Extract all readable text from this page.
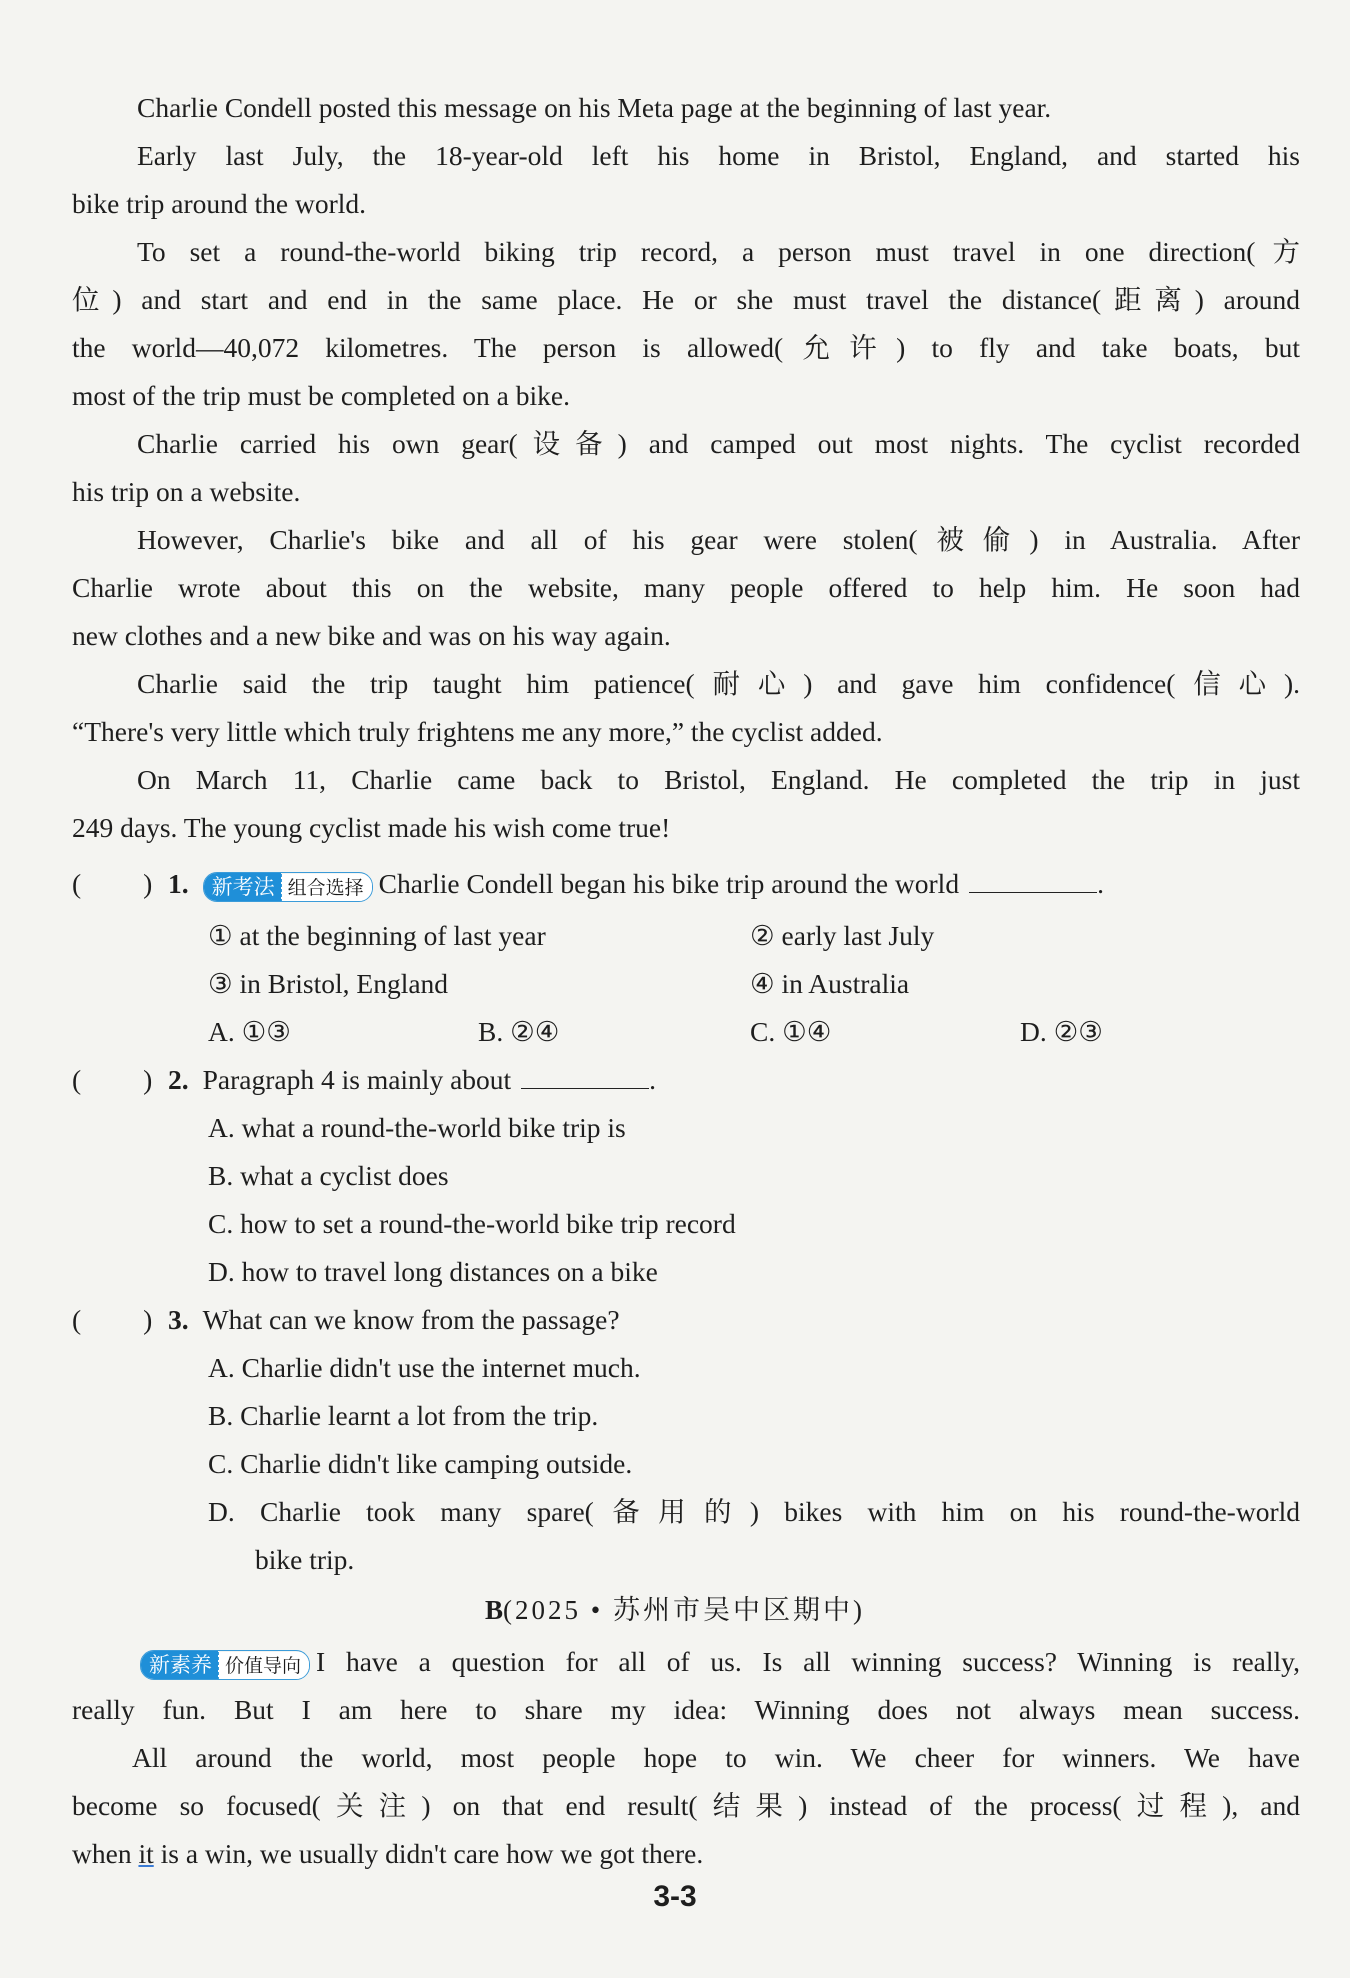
Charlie Condell posted this message on his Meta page at the beginning of last year.
Early last July, the 18-year-old left his home in Bristol, England, and started his
bike trip around the world.
To set a round-the-world biking trip record, a person must travel in one direction(方
位) and start and end in the same place. He or she must travel the distance(距离) around
the world—40,072 kilometres. The person is allowed(允许) to fly and take boats, but
most of the trip must be completed on a bike.
Charlie carried his own gear(设备) and camped out most nights. The cyclist recorded
his trip on a website.
However, Charlie's bike and all of his gear were stolen(被偷) in Australia. After
Charlie wrote about this on the website, many people offered to help him. He soon had
new clothes and a new bike and was on his way again.
Charlie said the trip taught him patience(耐心) and gave him confidence(信心).
“There's very little which truly frightens me any more,” the cyclist added.
On March 11, Charlie came back to Bristol, England. He completed the trip in just
249 days. The young cyclist made his wish come true!
( ) 1. 新考法 组合选择 Charlie Condell began his bike trip around the world	.
① at the beginning of last year	② early last July
③ in Bristol, England	④ in Australia
A. ①③	B. ②④	C. ①④	D. ②③
( ) 2. Paragraph 4 is mainly about	.
A. what a round-the-world bike trip is
B. what a cyclist does
C. how to set a round-the-world bike trip record
D. how to travel long distances on a bike
( ) 3. What can we know from the passage?
A. Charlie didn't use the internet much.
B. Charlie learnt a lot from the trip.
C. Charlie didn't like camping outside.
D. Charlie took many spare(备用的) bikes with him on his round-the-world
bike trip.
B(2025 • 苏州市吴中区期中)
新素养 价值导向 I have a question for all of us. Is all winning success? Winning is really,
really fun. But I am here to share my idea: Winning does not always mean success.
All around the world, most people hope to win. We cheer for winners. We have
become so focused(关注) on that end result(结果) instead of the process(过程), and
when it is a win, we usually didn't care how we got there.
3-3
